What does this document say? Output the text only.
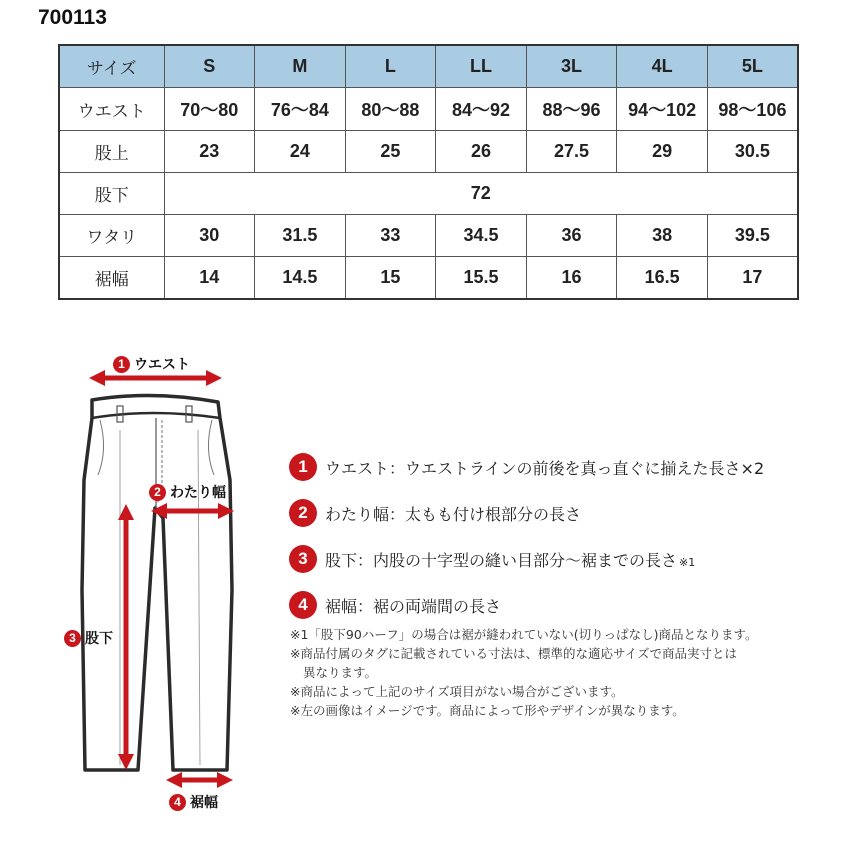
700113
サイズ	S	M	L	LL	3L	4L	5L
ウエスト	70〜80	76〜84	80〜88	84〜92	88〜96	94〜102	98〜106
股上	23	24	25	26	27.5	29	30.5
股下	72						
ワタリ	30	31.5	33	34.5	36	38	39.5
裾幅	14	14.5	15	15.5	16	16.5	17
1 ウエスト
2 わたり幅
3 股下
4 裾幅
1	ウエスト：ウエストラインの前後を真っ直ぐに揃えた長さ×2
2	わたり幅：太もも付け根部分の長さ
3	股下：内股の十字型の縫い目部分〜裾までの長さ ※1
4	裾幅：裾の両端間の長さ
※1「股下90ハーフ」の場合は裾が縫われていない(切りっぱなし)商品となります。
※商品付属のタグに記載されている寸法は、標準的な適応サイズで商品実寸とは
異なります。
※商品によって上記のサイズ項目がない場合がございます。
※左の画像はイメージです。商品によって形やデザインが異なります。
